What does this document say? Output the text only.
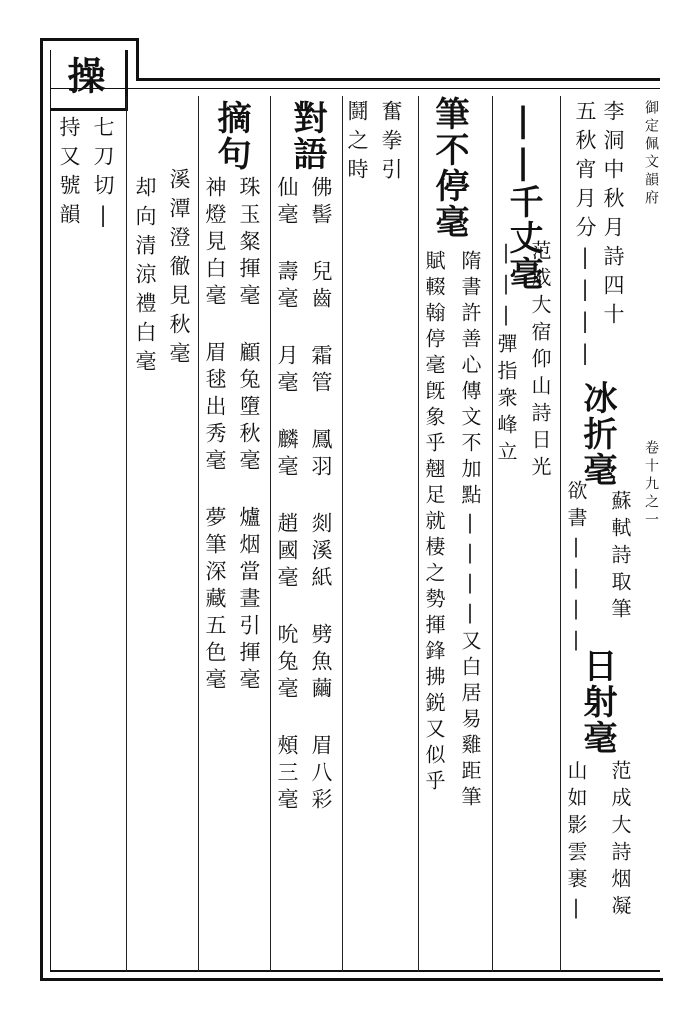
操
御定佩文韻府
卷十九之一
李洞中秋月詩四十
五秋宵月分||||
冰折毫
蘇軾詩取筆
欲書||||
日射毫
范成大詩烟凝
山如影雲裹|
||千丈毫
范成大宿仰山詩日光
|||彈指衆峰立
筆不停毫
隋書許善心傳文不加點||||又白居易雞距筆
賦輟翰停毫旣象乎翹足就棲之勢揮鋒拂鋭又似乎
奮拳引
鬪之時
對語
佛髻 兒齒 霜管 鳳羽 剡溪紙 劈魚繭 眉八彩
仙毫 壽毫 月毫 麟毫 趙國毫 吮兔毫 頰三毫
摘句
珠玉粲揮毫 顧兔墮秋毫 爐烟當晝引揮毫
神燈見白毫 眉毬出秀毫 夢筆深藏五色毫
溪潭澄徹見秋毫
却向清涼禮白毫
七刀切|
持又號韻
